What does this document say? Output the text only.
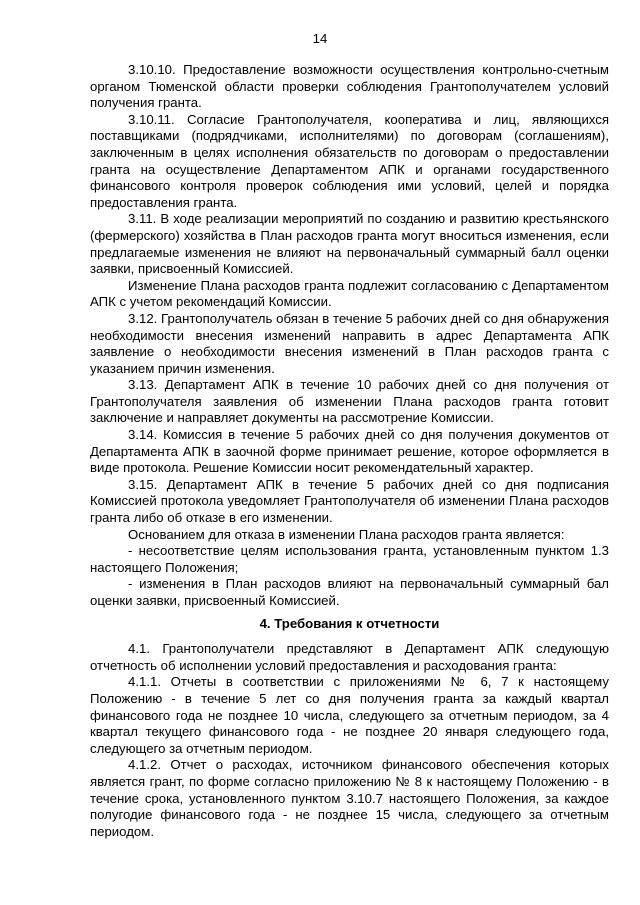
14

3.10.10. Предоставление возможности осуществления контрольно-счетным органом Тюменской области проверки соблюдения Грантополучателем условий получения гранта.

3.10.11. Согласие Грантополучателя, кооператива и лиц, являющихся поставщиками (подрядчиками, исполнителями) по договорам (соглашениям), заключенным в целях исполнения обязательств по договорам о предоставлении гранта на осуществление Департаментом АПК и органами государственного финансового контроля проверок соблюдения ими условий, целей и порядка предоставления гранта.

3.11. В ходе реализации мероприятий по созданию и развитию крестьянского (фермерского) хозяйства в План расходов гранта могут вноситься изменения, если предлагаемые изменения не влияют на первоначальный суммарный балл оценки заявки, присвоенный Комиссией.

Изменение Плана расходов гранта подлежит согласованию с Департаментом АПК с учетом рекомендаций Комиссии.

3.12. Грантополучатель обязан в течение 5 рабочих дней со дня обнаружения необходимости внесения изменений направить в адрес Департамента АПК заявление о необходимости внесения изменений в План расходов гранта с указанием причин изменения.

3.13. Департамент АПК в течение 10 рабочих дней со дня получения от Грантополучателя заявления об изменении Плана расходов гранта готовит заключение и направляет документы на рассмотрение Комиссии.

3.14. Комиссия в течение 5 рабочих дней со дня получения документов от Департамента АПК в заочной форме принимает решение, которое оформляется в виде протокола. Решение Комиссии носит рекомендательный характер.

3.15. Департамент АПК в течение 5 рабочих дней со дня подписания Комиссией протокола уведомляет Грантополучателя об изменении Плана расходов гранта либо об отказе в его изменении.

Основанием для отказа в изменении Плана расходов гранта является:

- несоответствие целям использования гранта, установленным пунктом 1.3 настоящего Положения;

- изменения в План расходов влияют на первоначальный суммарный бал оценки заявки, присвоенный Комиссией.

4. Требования к отчетности

4.1. Грантополучатели представляют в Департамент АПК следующую отчетность об исполнении условий предоставления и расходования гранта:

4.1.1. Отчеты в соответствии с приложениями № 6, 7 к настоящему Положению - в течение 5 лет со дня получения гранта за каждый квартал финансового года не позднее 10 числа, следующего за отчетным периодом, за 4 квартал текущего финансового года - не позднее 20 января следующего года, следующего за отчетным периодом.

4.1.2. Отчет о расходах, источником финансового обеспечения которых является грант, по форме согласно приложению № 8 к настоящему Положению - в течение срока, установленного пунктом 3.10.7 настоящего Положения, за каждое полугодие финансового года - не позднее 15 числа, следующего за отчетным периодом.
